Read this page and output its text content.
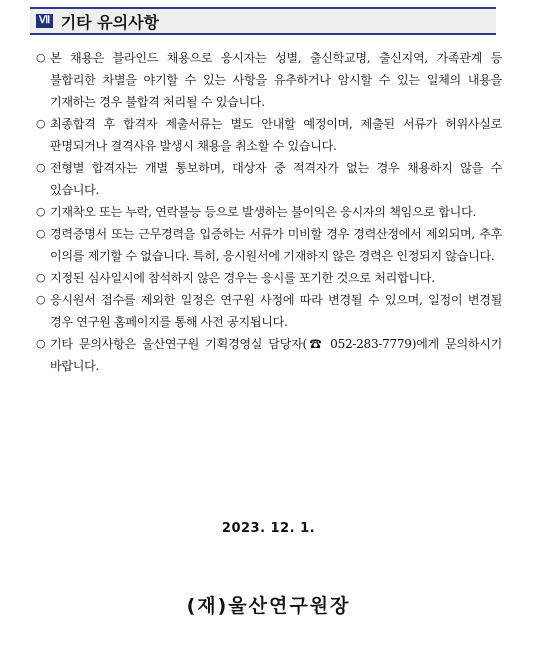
Ⅶ 기타 유의사항
○ 본 채용은 블라인드 채용으로 응시자는 성별, 출신학교명, 출신지역, 가족관계 등 불합리한 차별을 야기할 수 있는 사항을 유추하거나 암시할 수 있는 일체의 내용을 기재하는 경우 불합격 처리될 수 있습니다.
○ 최종합격 후 합격자 제출서류는 별도 안내할 예정이며, 제출된 서류가 허위사실로 판명되거나 결격사유 발생시 채용을 취소할 수 있습니다.
○ 전형별 합격자는 개별 통보하며, 대상자 중 적격자가 없는 경우 채용하지 않을 수 있습니다.
○ 기재착오 또는 누락, 연락불능 등으로 발생하는 불이익은 응시자의 책임으로 합니다.
○ 경력증명서 또는 근무경력을 입증하는 서류가 미비할 경우 경력산정에서 제외되며, 추후 이의를 제기할 수 없습니다. 특히, 응시원서에 기재하지 않은 경력은 인정되지 않습니다.
○ 지정된 심사일시에 참석하지 않은 경우는 응시를 포기한 것으로 처리합니다.
○ 응시원서 접수를 제외한 일정은 연구원 사정에 따라 변경될 수 있으며, 일정이 변경될 경우 연구원 홈페이지를 통해 사전 공지됩니다.
○ 기타 문의사항은 울산연구원 기획경영실 담당자(☎ 052-283-7779)에게 문의하시기 바랍니다.
2023. 12. 1.
(재)울산연구원장
